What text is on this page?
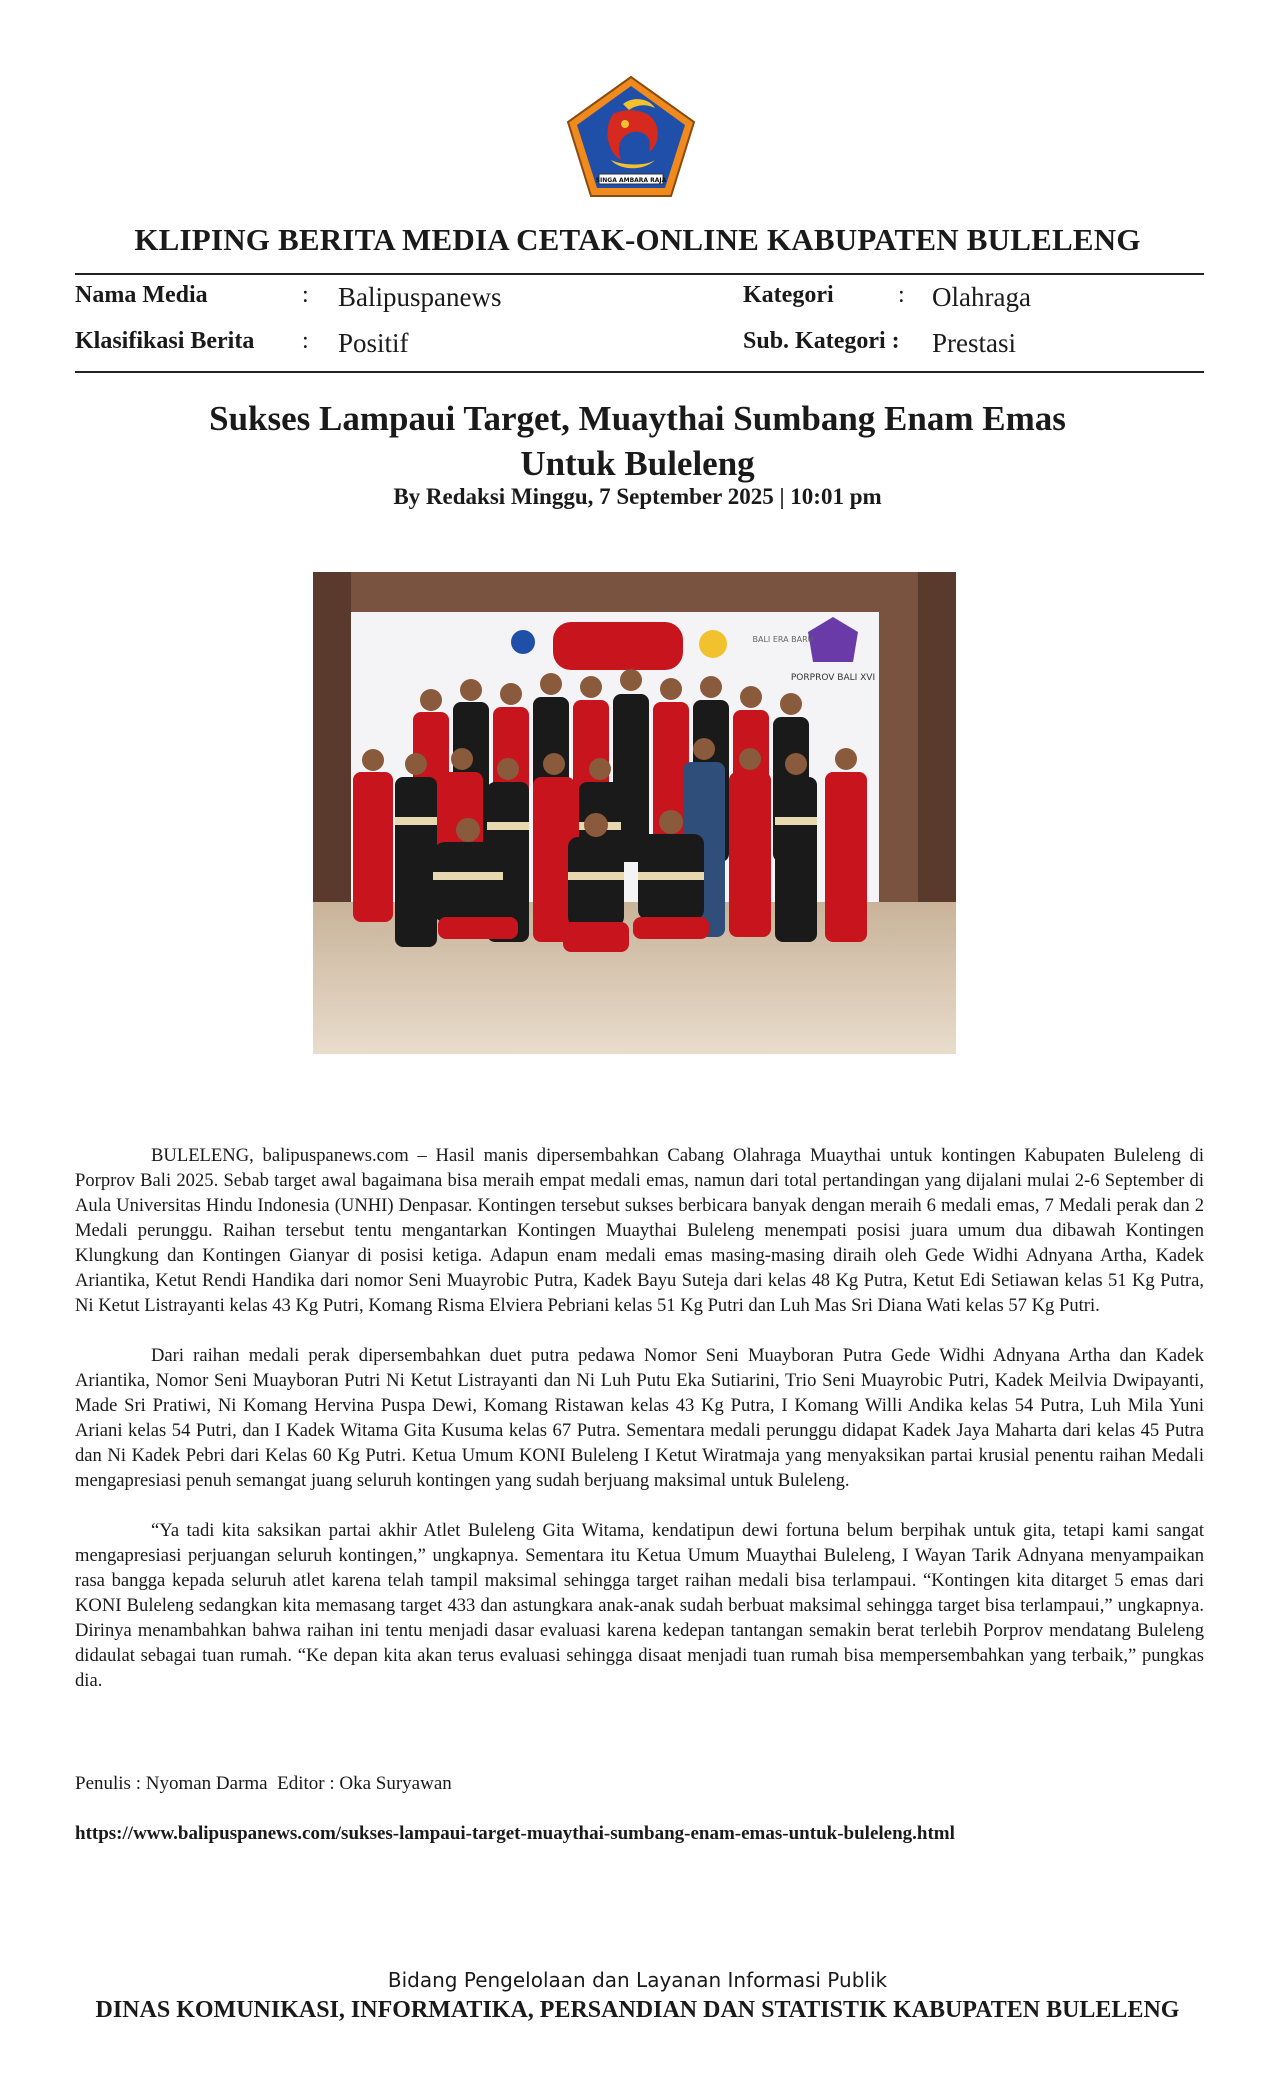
SINGA AMBARA RAJA
KLIPING BERITA MEDIA CETAK-ONLINE KABUPATEN BULELENG
Nama Media	: Balipuspanews
Klasifikasi Berita : Positif
Kategori	: Olahraga
Sub. Kategori : Prestasi
Sukses Lampaui Target, Muaythai Sumbang Enam Emas
Untuk Buleleng
By Redaksi Minggu, 7 September 2025 | 10:01 pm
PORPROV BALI XVI
BALI ERA BARU

BULELENG, balipuspanews.com – Hasil manis dipersembahkan Cabang Olahraga Muaythai untuk kontingen Kabupaten Buleleng di Porprov Bali 2025. Sebab target awal bagaimana bisa meraih empat medali emas, namun dari total pertandingan yang dijalani mulai 2-6 September di Aula Universitas Hindu Indonesia (UNHI) Denpasar. Kontingen tersebut sukses berbicara banyak dengan meraih 6 medali emas, 7 Medali perak dan 2 Medali perunggu. Raihan tersebut tentu mengantarkan Kontingen Muaythai Buleleng menempati posisi juara umum dua dibawah Kontingen Klungkung dan Kontingen Gianyar di posisi ketiga. Adapun enam medali emas masing-masing diraih oleh Gede Widhi Adnyana Artha, Kadek Ariantika, Ketut Rendi Handika dari nomor Seni Muayrobic Putra, Kadek Bayu Suteja dari kelas 48 Kg Putra, Ketut Edi Setiawan kelas 51 Kg Putra, Ni Ketut Listrayanti kelas 43 Kg Putri, Komang Risma Elviera Pebriani kelas 51 Kg Putri dan Luh Mas Sri Diana Wati kelas 57 Kg Putri.

Dari raihan medali perak dipersembahkan duet putra pedawa Nomor Seni Muayboran Putra Gede Widhi Adnyana Artha dan Kadek Ariantika, Nomor Seni Muayboran Putri Ni Ketut Listrayanti dan Ni Luh Putu Eka Sutiarini, Trio Seni Muayrobic Putri, Kadek Meilvia Dwipayanti, Made Sri Pratiwi, Ni Komang Hervina Puspa Dewi, Komang Ristawan kelas 43 Kg Putra, I Komang Willi Andika kelas 54 Putra, Luh Mila Yuni Ariani kelas 54 Putri, dan I Kadek Witama Gita Kusuma kelas 67 Putra. Sementara medali perunggu didapat Kadek Jaya Maharta dari kelas 45 Putra dan Ni Kadek Pebri dari Kelas 60 Kg Putri. Ketua Umum KONI Buleleng I Ketut Wiratmaja yang menyaksikan partai krusial penentu raihan Medali mengapresiasi penuh semangat juang seluruh kontingen yang sudah berjuang maksimal untuk Buleleng.

“Ya tadi kita saksikan partai akhir Atlet Buleleng Gita Witama, kendatipun dewi fortuna belum berpihak untuk gita, tetapi kami sangat mengapresiasi perjuangan seluruh kontingen,” ungkapnya. Sementara itu Ketua Umum Muaythai Buleleng, I Wayan Tarik Adnyana menyampaikan rasa bangga kepada seluruh atlet karena telah tampil maksimal sehingga target raihan medali bisa terlampaui. “Kontingen kita ditarget 5 emas dari KONI Buleleng sedangkan kita memasang target 433 dan astungkara anak-anak sudah berbuat maksimal sehingga target bisa terlampaui,” ungkapnya. Dirinya menambahkan bahwa raihan ini tentu menjadi dasar evaluasi karena kedepan tantangan semakin berat terlebih Porprov mendatang Buleleng didaulat sebagai tuan rumah. “Ke depan kita akan terus evaluasi sehingga disaat menjadi tuan rumah bisa mempersembahkan yang terbaik,” pungkas dia.

Penulis : Nyoman Darma  Editor : Oka Suryawan
https://www.balipuspanews.com/sukses-lampaui-target-muaythai-sumbang-enam-emas-untuk-buleleng.html
Bidang Pengelolaan dan Layanan Informasi Publik
DINAS KOMUNIKASI, INFORMATIKA, PERSANDIAN DAN STATISTIK KABUPATEN BULELENG
